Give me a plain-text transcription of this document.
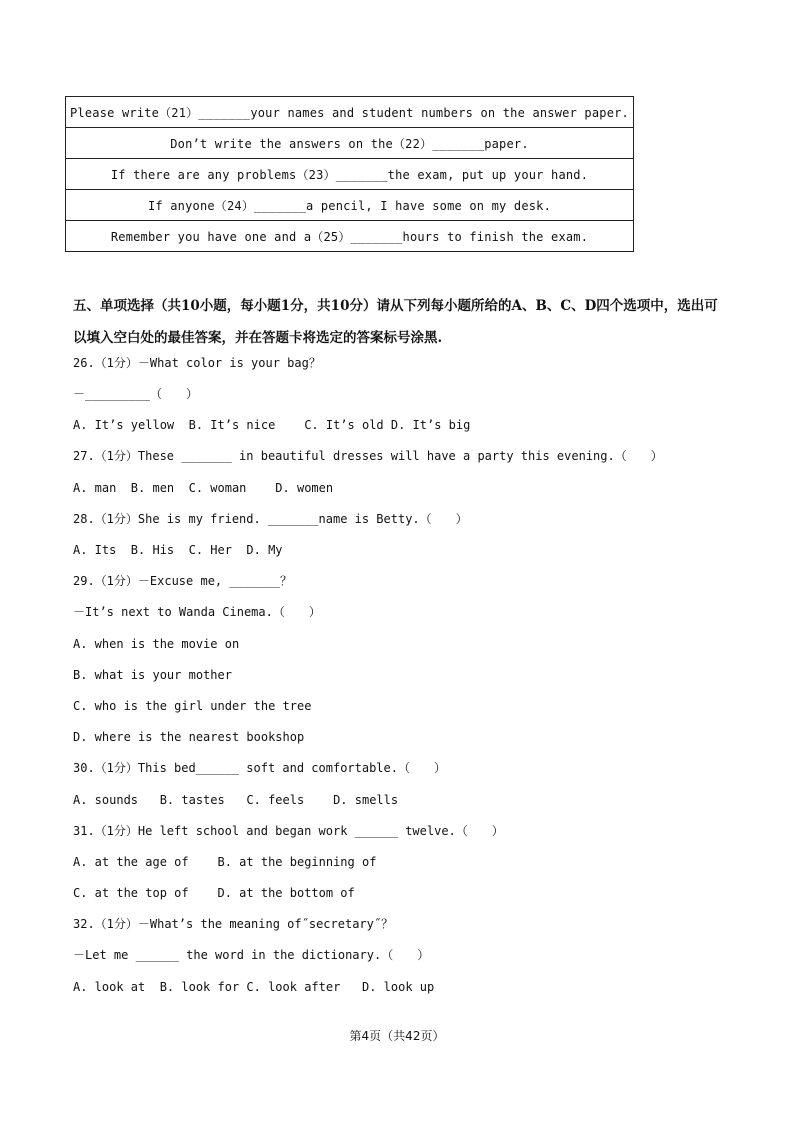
Please write（21）_______your names and student numbers on the answer paper.
Don’t write the answers on the（22）_______paper.
If there are any problems（23）_______the exam, put up your hand.
If anyone（24）_______a pencil, I have some on my desk.
Remember you have one and a（25）_______hours to finish the exam.
五、单项选择（共10小题，每小题1分，共10分）请从下列每小题所给的A、B、C、D四个选项中，选出可以填入空白处的最佳答案，并在答题卡将选定的答案标号涂黑.
26.（1分）－What color is your bag？
－_________（　　）
A. It’s yellow  B. It’s nice    C. It’s old D. It’s big
27.（1分）These _______ in beautiful dresses will have a party this evening.（　　）
A. man  B. men  C. woman    D. women
28.（1分）She is my friend. _______name is Betty.（　　）
A. Its  B. His  C. Her  D. My
29.（1分）－Excuse me, _______？
－It’s next to Wanda Cinema.（　　）
A. when is the movie on
B. what is your mother
C. who is the girl under the tree
D. where is the nearest bookshop
30.（1分）This bed______ soft and comfortable.（　　）
A. sounds   B. tastes   C. feels    D. smells
31.（1分）He left school and began work ______ twelve.（　　）
A. at the age of    B. at the beginning of
C. at the top of    D. at the bottom of
32.（1分）－What’s the meaning of˝secretary˝？
－Let me ______ the word in the dictionary.（　　）
A. look at  B. look for C. look after   D. look up
第4页（共42页）
